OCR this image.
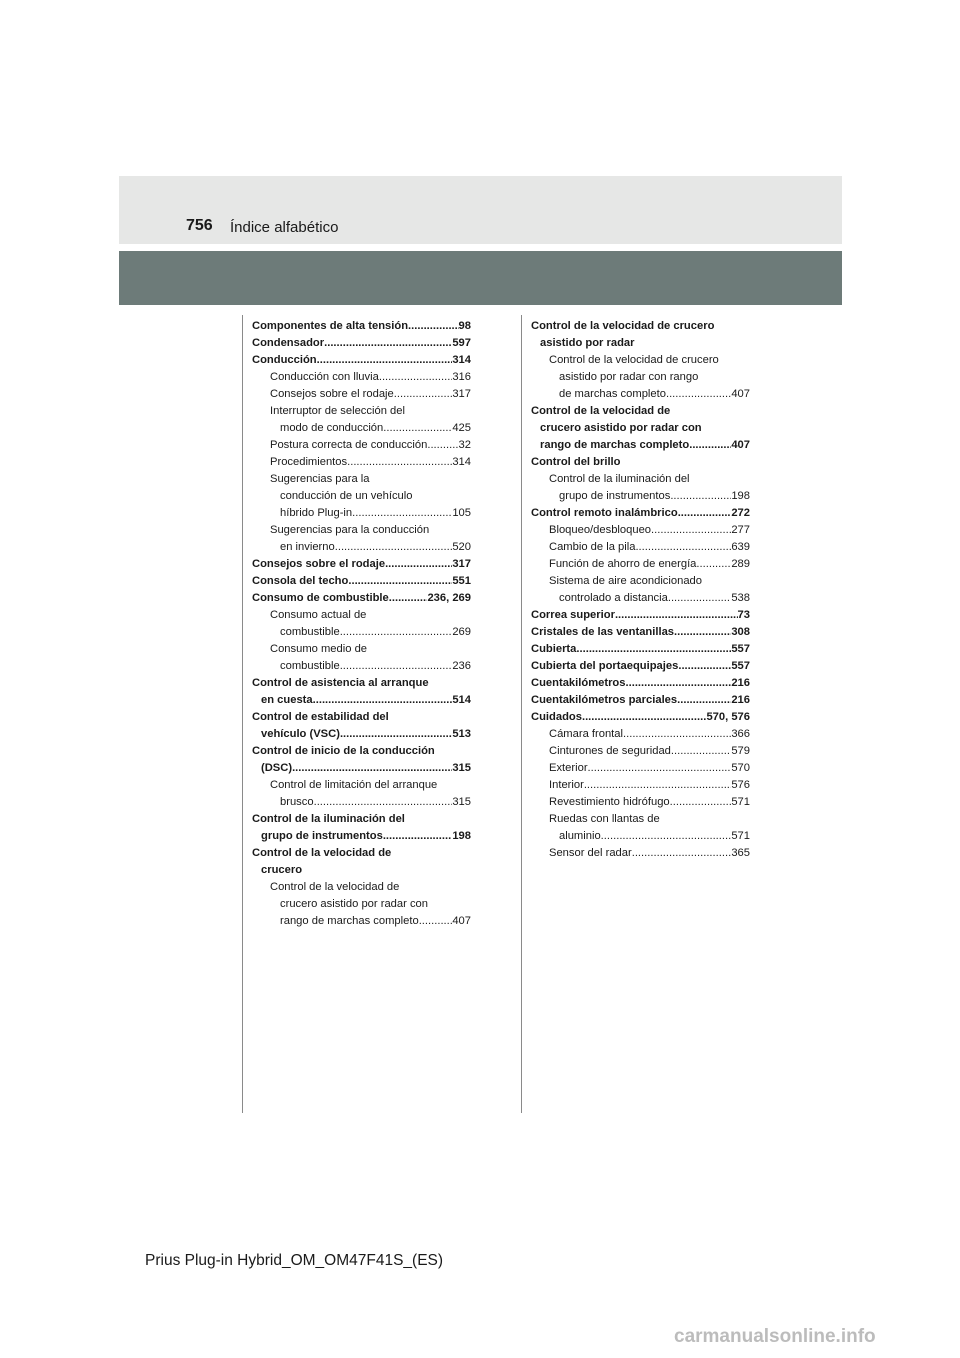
756 Índice alfabético
Componentes de alta tensión .....	98
Condensador .....	597
Conducción .....	314
Conducción con lluvia .....	316
Consejos sobre el rodaje .....	317
Interruptor de selección del
modo de conducción .....	425
Postura correcta de conducción .....	32
Procedimientos .....	314
Sugerencias para la
conducción de un vehículo
híbrido Plug-in .....	105
Sugerencias para la conducción
en invierno .....	520
Consejos sobre el rodaje .....	317
Consola del techo .....	551
Consumo de combustible .....	236, 269
Consumo actual de
combustible .....	269
Consumo medio de
combustible .....	236
Control de asistencia al arranque
en cuesta .....	514
Control de estabilidad del
vehículo (VSC) .....	513
Control de inicio de la conducción
(DSC) .....	315
Control de limitación del arranque
brusco .....	315
Control de la iluminación del
grupo de instrumentos .....	198
Control de la velocidad de
crucero
Control de la velocidad de
crucero asistido por radar con
rango de marchas completo .....	407
Control de la velocidad de crucero
asistido por radar
Control de la velocidad de crucero
asistido por radar con rango
de marchas completo .....	407
Control de la velocidad de
crucero asistido por radar con
rango de marchas completo .....	407
Control del brillo
Control de la iluminación del
grupo de instrumentos .....	198
Control remoto inalámbrico .....	272
Bloqueo/desbloqueo .....	277
Cambio de la pila .....	639
Función de ahorro de energía .....	289
Sistema de aire acondicionado
controlado a distancia .....	538
Correa superior .....	73
Cristales de las ventanillas .....	308
Cubierta .....	557
Cubierta del portaequipajes .....	557
Cuentakilómetros .....	216
Cuentakilómetros parciales .....	216
Cuidados .....	570, 576
Cámara frontal .....	366
Cinturones de seguridad .....	579
Exterior .....	570
Interior .....	576
Revestimiento hidrófugo .....	571
Ruedas con llantas de
aluminio .....	571
Sensor del radar .....	365
Prius Plug-in Hybrid_OM_OM47F41S_(ES)
carmanualsonline.info
